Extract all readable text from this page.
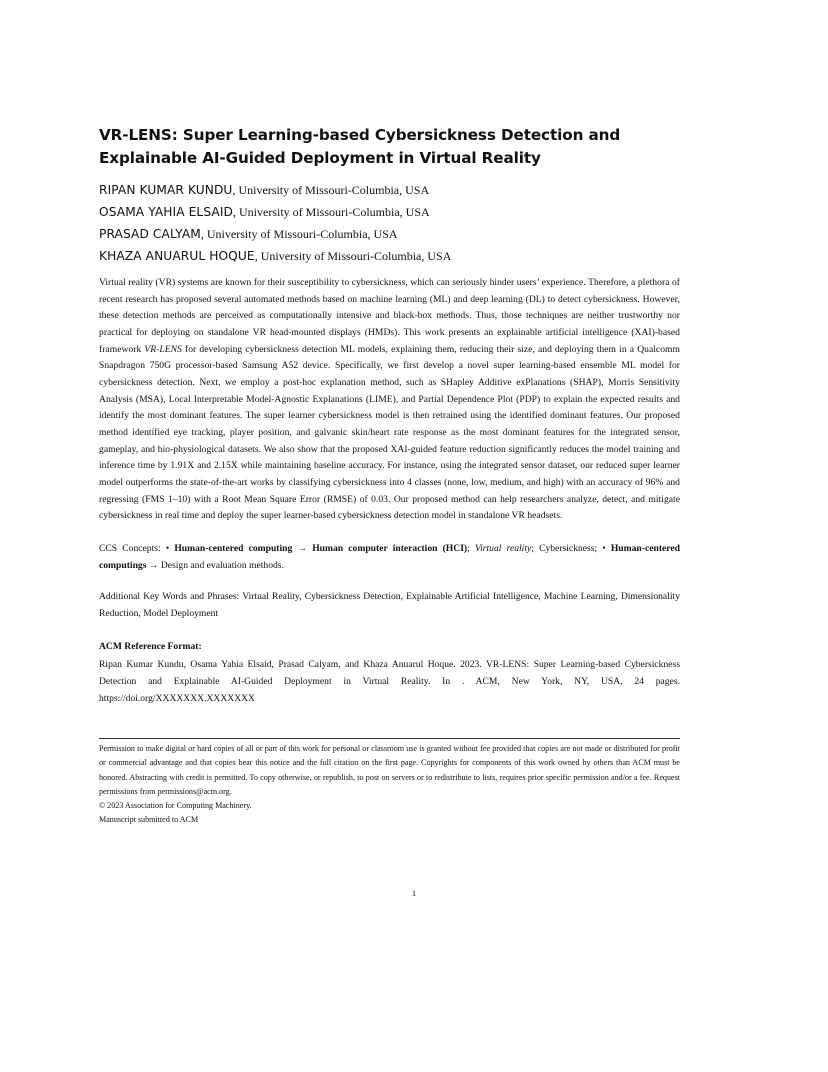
VR-LENS: Super Learning-based Cybersickness Detection and Explainable AI-Guided Deployment in Virtual Reality
RIPAN KUMAR KUNDU, University of Missouri-Columbia, USA
OSAMA YAHIA ELSAID, University of Missouri-Columbia, USA
PRASAD CALYAM, University of Missouri-Columbia, USA
KHAZA ANUARUL HOQUE, University of Missouri-Columbia, USA

Virtual reality (VR) systems are known for their susceptibility to cybersickness, which can seriously hinder users’ experience. Therefore, a plethora of recent research has proposed several automated methods based on machine learning (ML) and deep learning (DL) to detect cybersickness. However, these detection methods are perceived as computationally intensive and black-box methods. Thus, those techniques are neither trustworthy nor practical for deploying on standalone VR head-mounted displays (HMDs). This work presents an explainable artificial intelligence (XAI)-based framework VR-LENS for developing cybersickness detection ML models, explaining them, reducing their size, and deploying them in a Qualcomm Snapdragon 750G processor-based Samsung A52 device. Specifically, we first develop a novel super learning-based ensemble ML model for cybersickness detection. Next, we employ a post-hoc explanation method, such as SHapley Additive exPlanations (SHAP), Morris Sensitivity Analysis (MSA), Local Interpretable Model-Agnostic Explanations (LIME), and Partial Dependence Plot (PDP) to explain the expected results and identify the most dominant features. The super learner cybersickness model is then retrained using the identified dominant features. Our proposed method identified eye tracking, player position, and galvanic skin/heart rate response as the most dominant features for the integrated sensor, gameplay, and bio-physiological datasets. We also show that the proposed XAI-guided feature reduction significantly reduces the model training and inference time by 1.91X and 2.15X while maintaining baseline accuracy. For instance, using the integrated sensor dataset, our reduced super learner model outperforms the state-of-the-art works by classifying cybersickness into 4 classes (none, low, medium, and high) with an accuracy of 96% and regressing (FMS 1–10) with a Root Mean Square Error (RMSE) of 0.03. Our proposed method can help researchers analyze, detect, and mitigate cybersickness in real time and deploy the super learner-based cybersickness detection model in standalone VR headsets.

CCS Concepts: • Human-centered computing → Human computer interaction (HCI); Virtual reality; Cybersickness; • Human-centered computings → Design and evaluation methods.
Additional Key Words and Phrases: Virtual Reality, Cybersickness Detection, Explainable Artificial Intelligence, Machine Learning, Dimensionality Reduction, Model Deployment
ACM Reference Format:
Ripan Kumar Kundu, Osama Yahia Elsaid, Prasad Calyam, and Khaza Anuarul Hoque. 2023. VR-LENS: Super Learning-based Cybersickness Detection and Explainable AI-Guided Deployment in Virtual Reality. In . ACM, New York, NY, USA, 24 pages. https://doi.org/XXXXXXX.XXXXXXX

Permission to make digital or hard copies of all or part of this work for personal or classroom use is granted without fee provided that copies are not made or distributed for profit or commercial advantage and that copies bear this notice and the full citation on the first page. Copyrights for components of this work owned by others than ACM must be honored. Abstracting with credit is permitted. To copy otherwise, or republish, to post on servers or to redistribute to lists, requires prior specific permission and/or a fee. Request permissions from permissions@acm.org.

© 2023 Association for Computing Machinery.

Manuscript submitted to ACM

1
